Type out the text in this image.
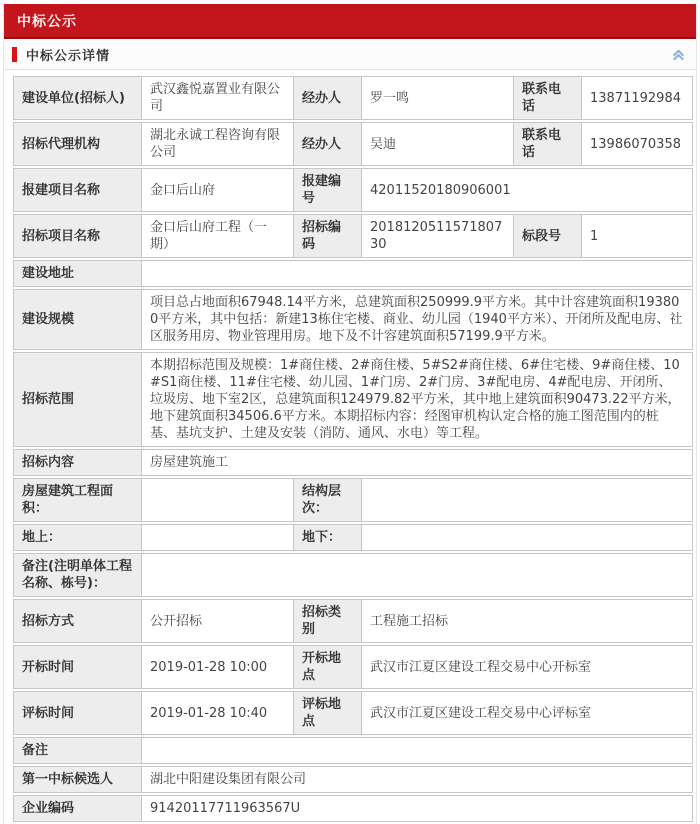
中标公示
中标公示详情
建设单位(招标人)	武汉鑫悦嘉置业有限公司	经办人	罗一鸣	联系电话	13871192984
招标代理机构	湖北永诚工程咨询有限公司	经办人	吴迪	联系电话	13986070358
报建项目名称	金口后山府	报建编号	42011520180906001		
招标项目名称	金口后山府工程（一期）	招标编码	201812051157180730	标段号	1
建设地址					
建设规模	项目总占地面积67948.14平方米，总建筑面积250999.9平方米。其中计容建筑面积193800平方米，其中包括：新建13栋住宅楼、商业、幼儿园（1940平方米）、开闭所及配电房、社区服务用房、物业管理用房。地下及不计容建筑面积57199.9平方米。				
招标范围	本期招标范围及规模：1#商住楼、2#商住楼、5#S2#商住楼、6#住宅楼、9#商住楼、10#S1商住楼、11#住宅楼、幼儿园、1#门房、2#门房、3#配电房、4#配电房、开闭所、垃圾房、地下室2区，总建筑面积124979.82平方米，其中地上建筑面积90473.22平方米，地下建筑面积34506.6平方米。本期招标内容：经图审机构认定合格的施工图范围内的桩基、基坑支护、土建及安装（消防、通风、水电）等工程。				
招标内容	房屋建筑施工				
房屋建筑工程面积：		结构层次：			
地上：		地下：			
备注(注明单体工程名称、栋号)：					
招标方式	公开招标	招标类别	工程施工招标		
开标时间	2019-01-28 10:00	开标地点	武汉市江夏区建设工程交易中心开标室		
评标时间	2019-01-28 10:40	评标地点	武汉市江夏区建设工程交易中心评标室		
备注					
第一中标候选人	湖北中阳建设集团有限公司				
企业编码	91420117711963567U				
